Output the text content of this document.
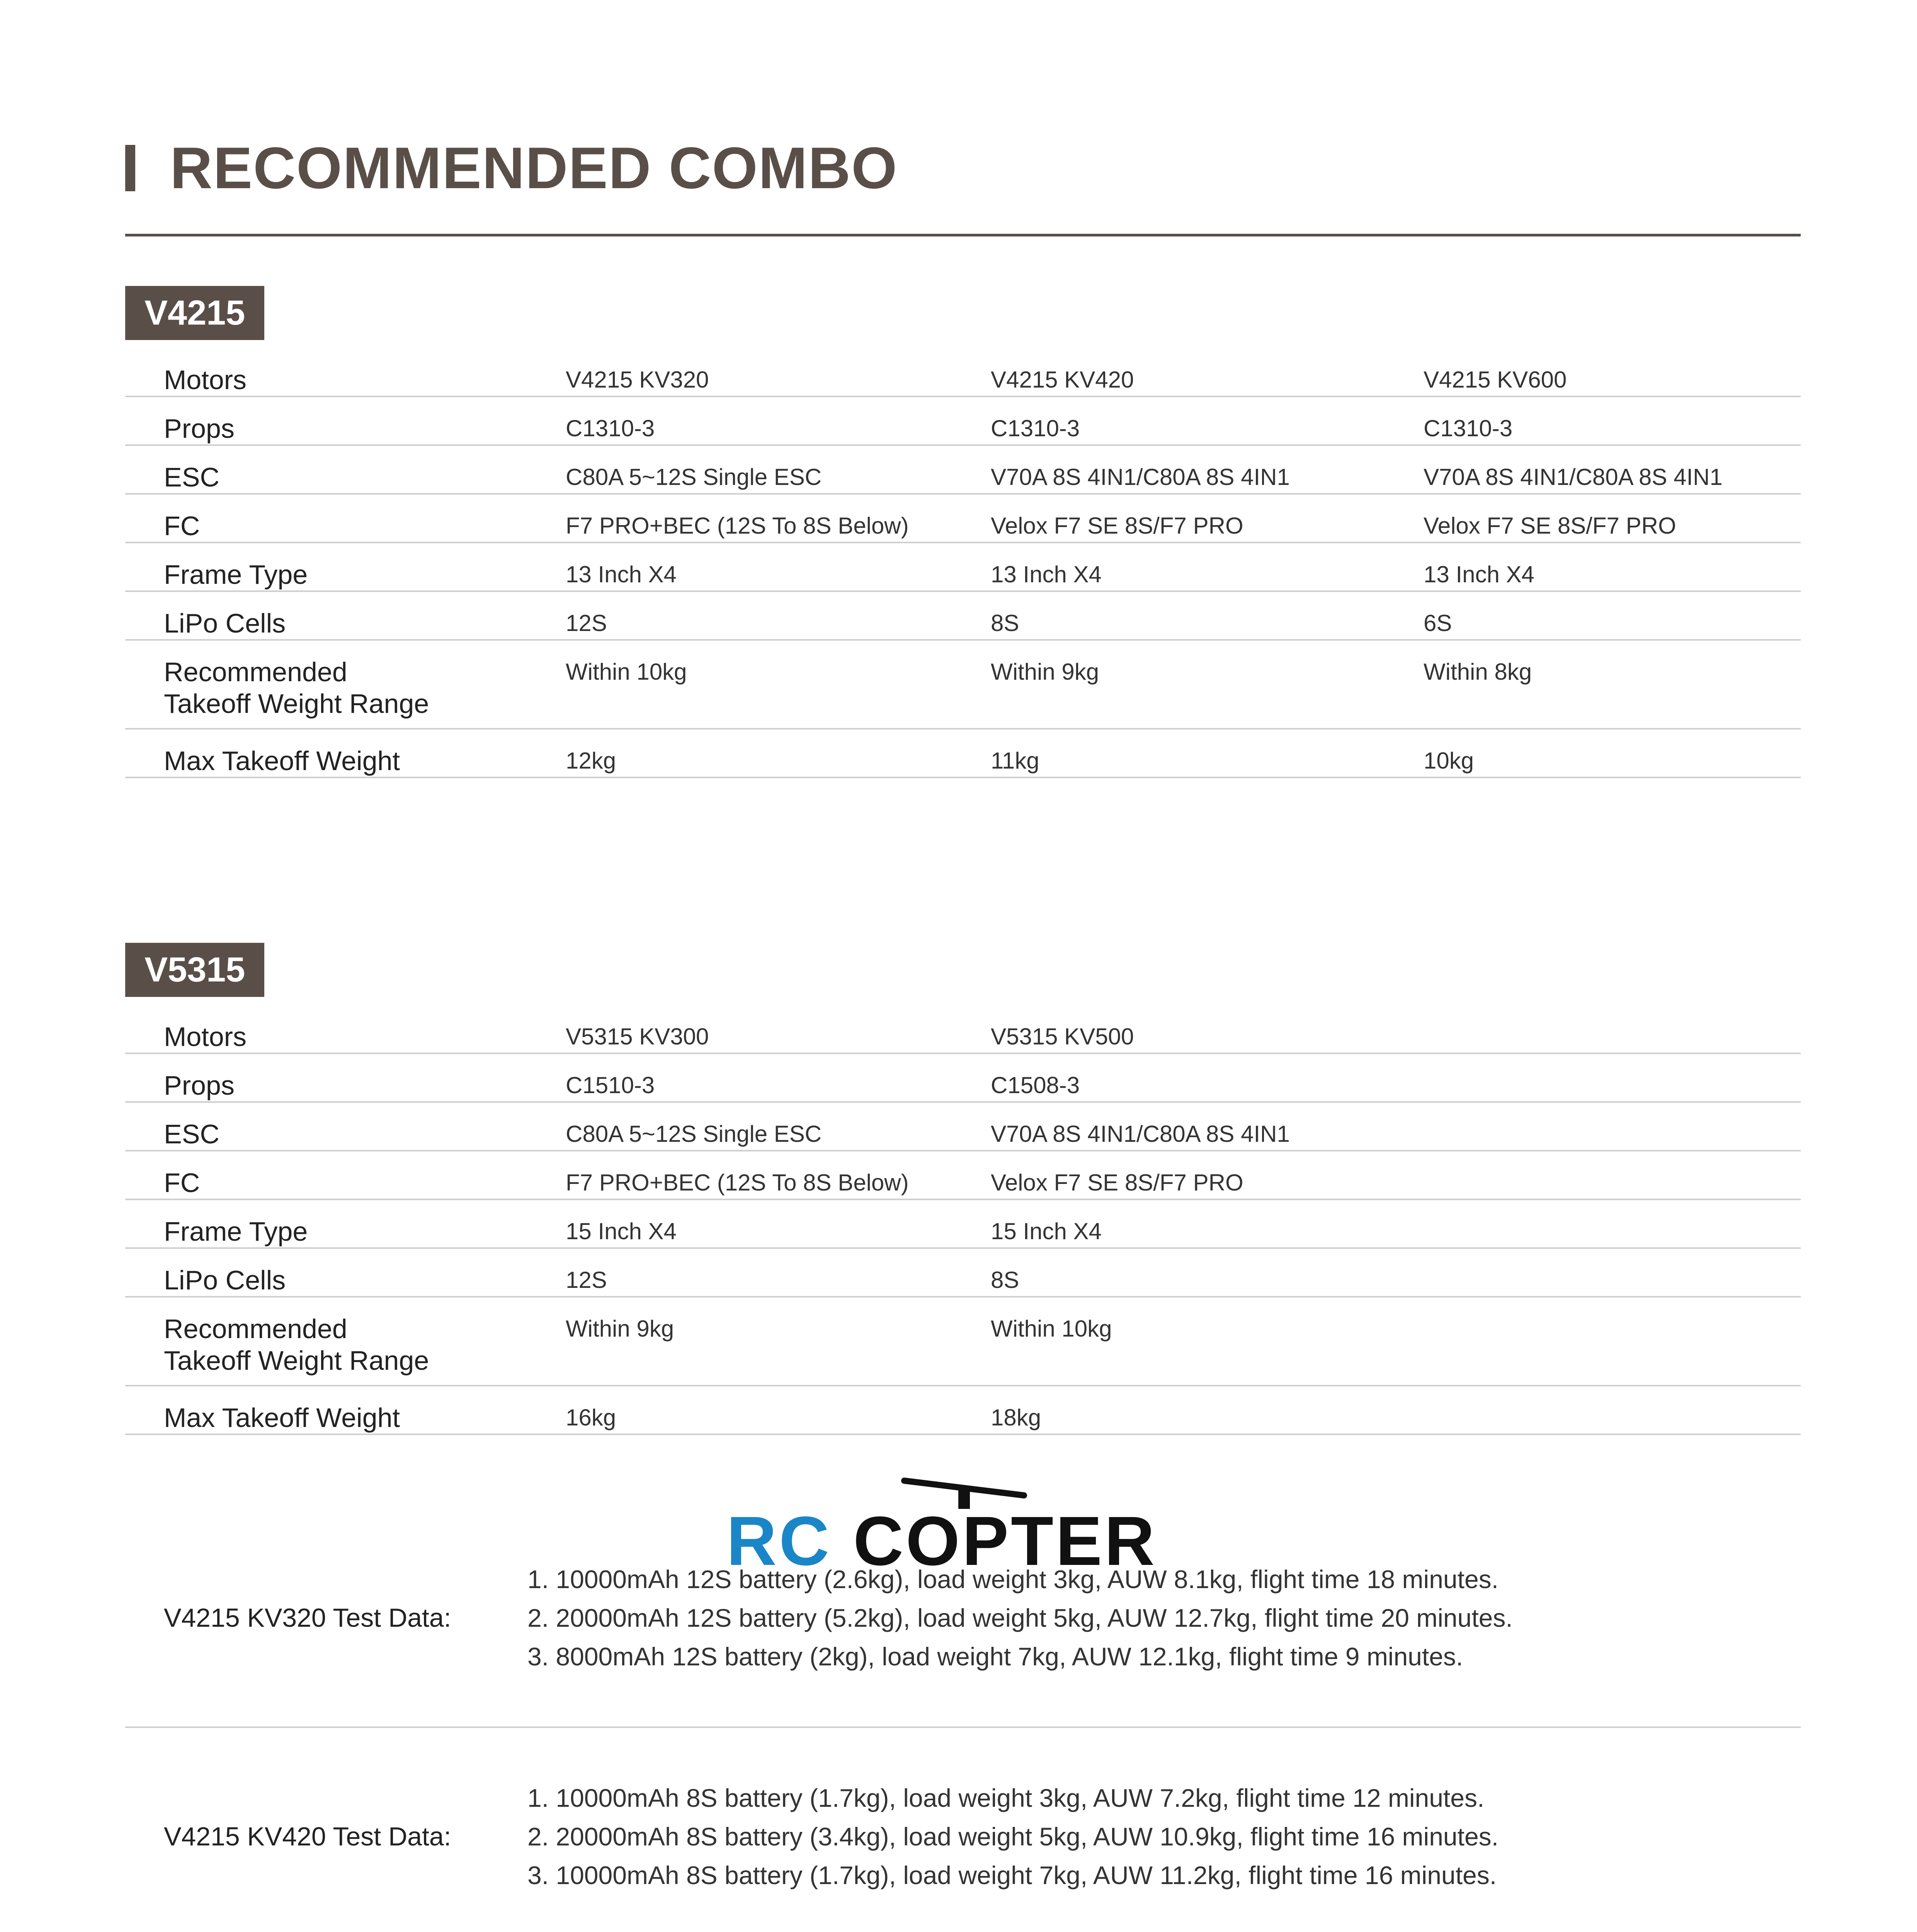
RECOMMENDED COMBO
V4215
Motors	V4215 KV320	V4215 KV420	V4215 KV600
Props	C1310-3	C1310-3	C1310-3
ESC	C80A 5~12S Single ESC	V70A 8S 4IN1/C80A 8S 4IN1	V70A 8S 4IN1/C80A 8S 4IN1
FC	F7 PRO+BEC (12S To 8S Below)	Velox F7 SE 8S/F7 PRO	Velox F7 SE 8S/F7 PRO
Frame Type	13 Inch X4	13 Inch X4	13 Inch X4
LiPo Cells	12S	8S	6S

Recommended
Takeoff Weight Range	Within 10kg	Within 9kg	Within 8kg
Max Takeoff Weight	12kg	11kg	10kg
V5315
Motors	V5315 KV300	V5315 KV500	
Props	C1510-3	C1508-3	
ESC	C80A 5~12S Single ESC	V70A 8S 4IN1/C80A 8S 4IN1	
FC	F7 PRO+BEC (12S To 8S Below)	Velox F7 SE 8S/F7 PRO	
Frame Type	15 Inch X4	15 Inch X4	
LiPo Cells	12S	8S	

Recommended
Takeoff Weight Range	Within 9kg	Within 10kg	
Max Takeoff Weight	16kg	18kg	
V4215 KV320 Test Data:	1. 10000mAh 12S battery (2.6kg), load weight 3kg, AUW 8.1kg, flight time 18 minutes.
2. 20000mAh 12S battery (5.2kg), load weight 5kg, AUW 12.7kg, flight time 20 minutes.
3. 8000mAh 12S battery (2kg), load weight 7kg, AUW 12.1kg, flight time 9 minutes.

V4215 KV420 Test Data:	1. 10000mAh 8S battery (1.7kg), load weight 3kg, AUW 7.2kg, flight time 12 minutes.
2. 20000mAh 8S battery (3.4kg), load weight 5kg, AUW 10.9kg, flight time 16 minutes.
3. 10000mAh 8S battery (1.7kg), load weight 7kg, AUW 11.2kg, flight time 16 minutes.

RC COPTER
